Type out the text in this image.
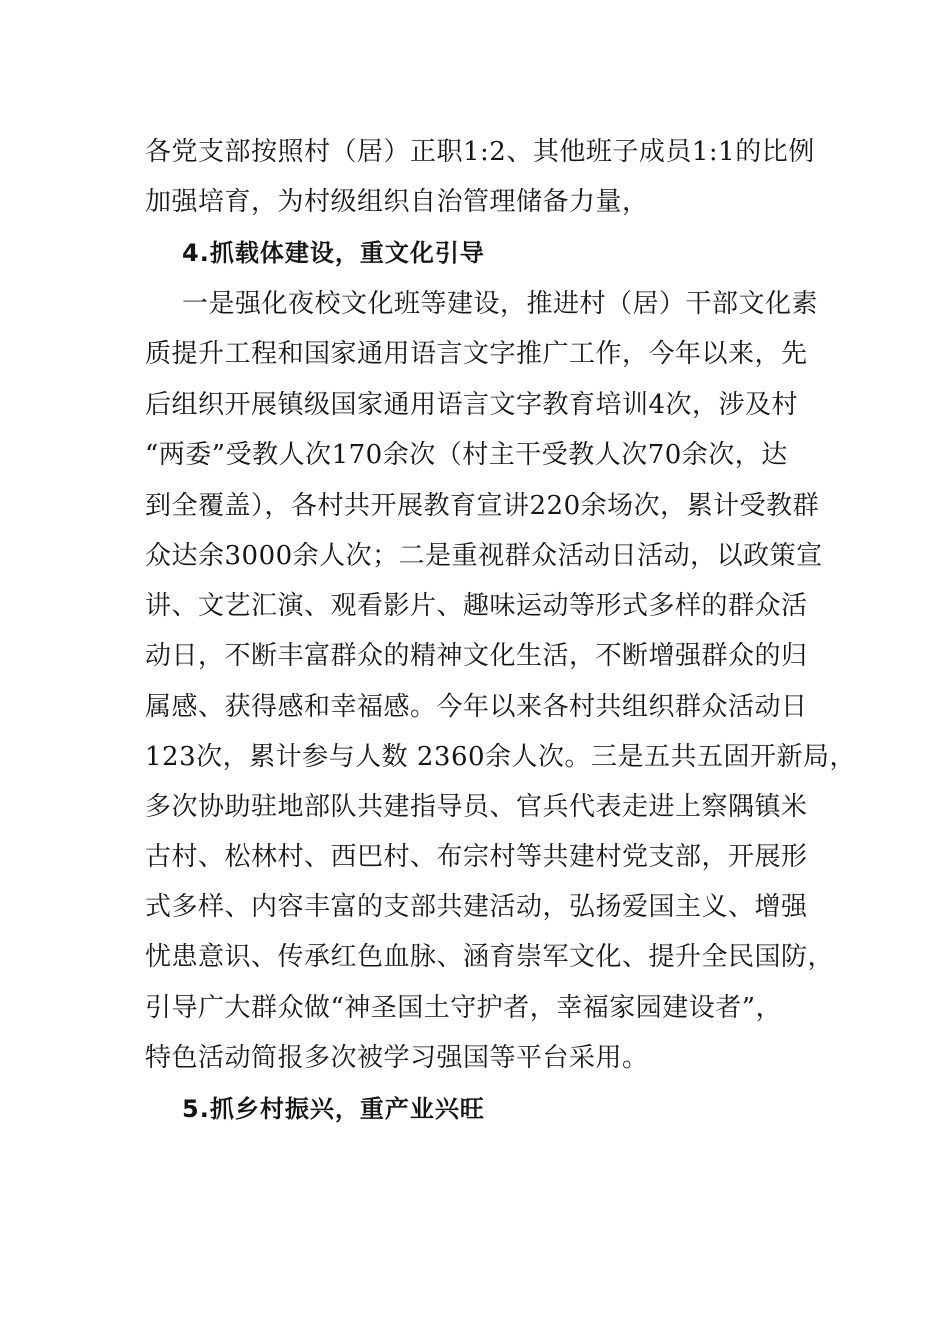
各党支部按照村（居）正职1:2、其他班子成员1:1的比例
加强培育，为村级组织自治管理储备力量，
4.抓载体建设，重文化引导
一是强化夜校文化班等建设，推进村（居）干部文化素
质提升工程和国家通用语言文字推广工作，今年以来，先
后组织开展镇级国家通用语言文字教育培训4次，涉及村
“两委”受教人次170余次（村主干受教人次70余次，达
到全覆盖），各村共开展教育宣讲220余场次，累计受教群
众达余3000余人次；二是重视群众活动日活动，以政策宣
讲、文艺汇演、观看影片、趣味运动等形式多样的群众活
动日，不断丰富群众的精神文化生活，不断增强群众的归
属感、获得感和幸福感。今年以来各村共组织群众活动日
123次，累计参与人数 2360余人次。三是五共五固开新局，
多次协助驻地部队共建指导员、官兵代表走进上察隅镇米
古村、松林村、西巴村、布宗村等共建村党支部，开展形
式多样、内容丰富的支部共建活动，弘扬爱国主义、增强
忧患意识、传承红色血脉、涵育崇军文化、提升全民国防，
引导广大群众做“神圣国土守护者，幸福家园建设者”，
特色活动简报多次被学习强国等平台采用。
5.抓乡村振兴，重产业兴旺
